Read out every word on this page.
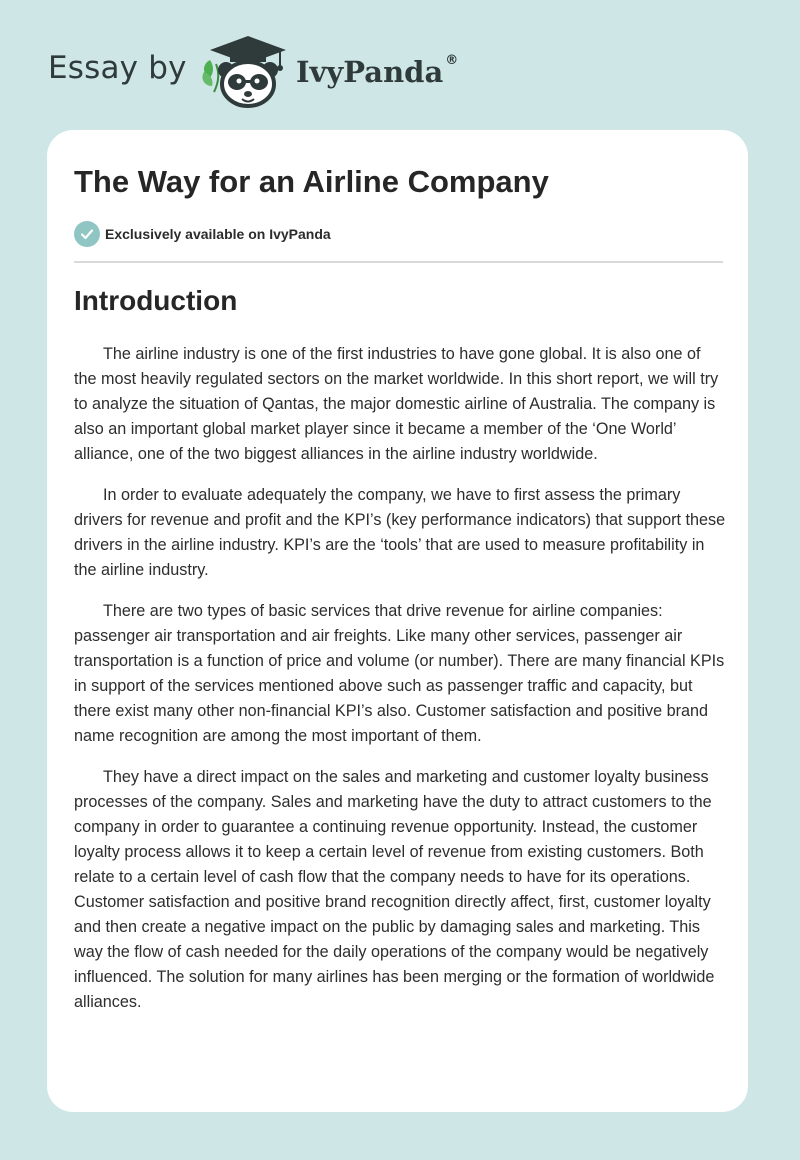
Essay by	IvyPanda ®
The Way for an Airline Company
Exclusively available on IvyPanda
Introduction

The airline industry is one of the first industries to have gone global. It is also one of the most heavily regulated sectors on the market worldwide. In this short report, we will try to analyze the situation of Qantas, the major domestic airline of Australia. The company is also an important global market player since it became a member of the ‘One World’ alliance, one of the two biggest alliances in the airline industry worldwide.

In order to evaluate adequately the company, we have to first assess the primary drivers for revenue and profit and the KPI’s (key performance indicators) that support these drivers in the airline industry. KPI’s are the ‘tools’ that are used to measure profitability in the airline industry.

There are two types of basic services that drive revenue for airline companies: passenger air transportation and air freights. Like many other services, passenger air transportation is a function of price and volume (or number). There are many financial KPIs in support of the services mentioned above such as passenger traffic and capacity, but there exist many other non-financial KPI’s also. Customer satisfaction and positive brand name recognition are among the most important of them.

They have a direct impact on the sales and marketing and customer loyalty business processes of the company. Sales and marketing have the duty to attract customers to the company in order to guarantee a continuing revenue opportunity. Instead, the customer loyalty process allows it to keep a certain level of revenue from existing customers. Both relate to a certain level of cash flow that the company needs to have for its operations. Customer satisfaction and positive brand recognition directly affect, first, customer loyalty and then create a negative impact on the public by damaging sales and marketing. This way the flow of cash needed for the daily operations of the company would be negatively influenced. The solution for many airlines has been merging or the formation of worldwide alliances.
